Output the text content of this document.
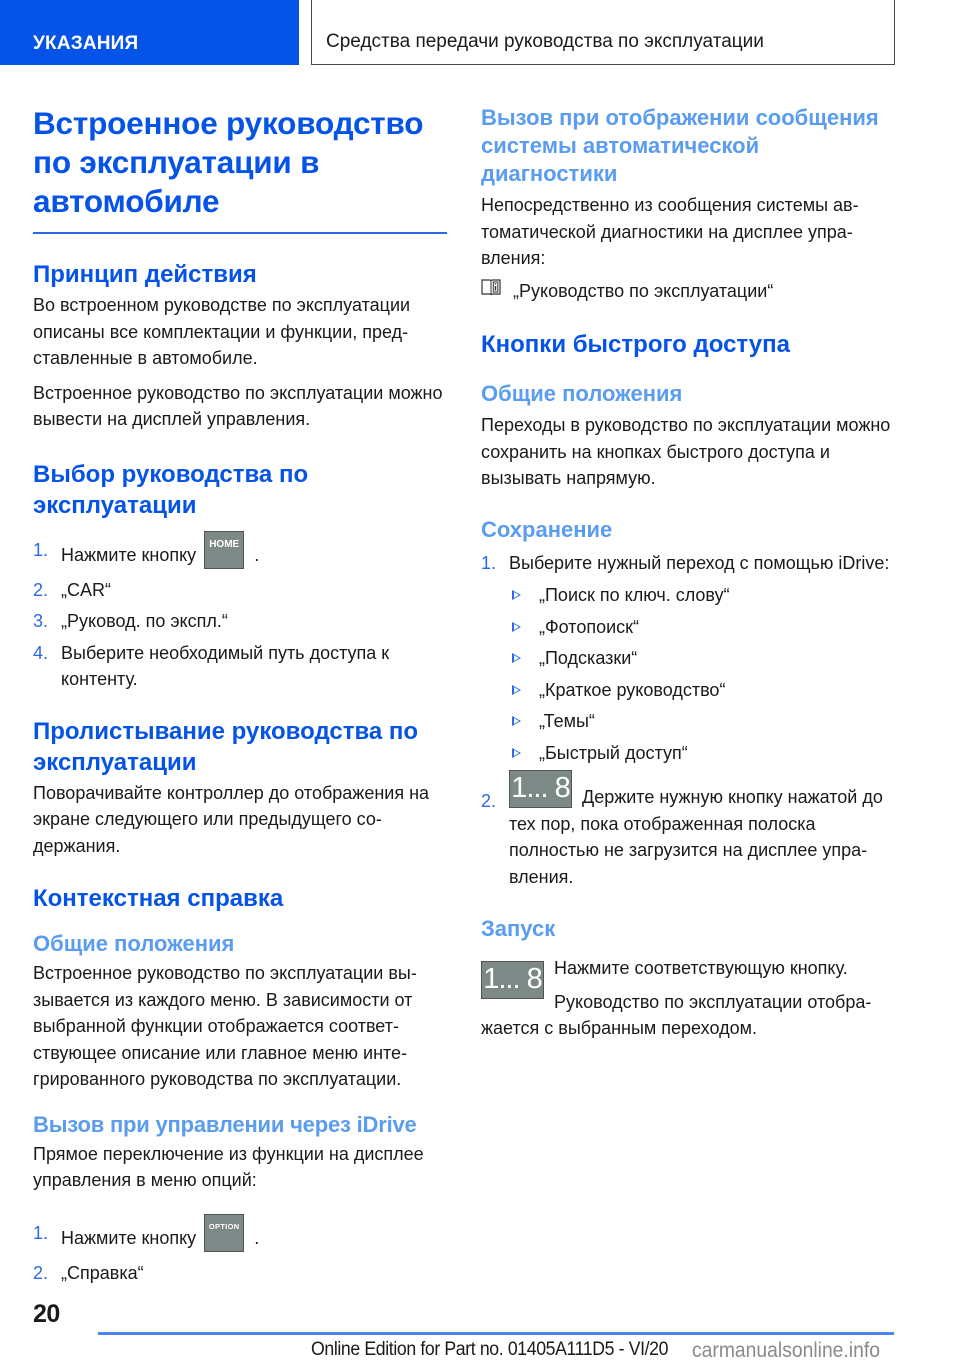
УКАЗАНИЯ	Средства передачи руководства по эксплуатации
Встроенное руководство по эксплуатации в автомобиле
Принцип действия

Во встроенном руководстве по эксплуатации описаны все комплектации и функции, пред-ставленные в автомобиле.

Встроенное руководство по эксплуатации можно вывести на дисплей управления.

Выбор руководства по эксплуатации
1. Нажмите кнопкуHOME.
2. „CAR“
3. „Руковод. по экспл.“
4. Выберите необходимый путь доступа к контенту.
Пролистывание руководства по эксплуатации

Поворачивайте контроллер до отображения на экране следующего или предыдущего со-держания.

Контекстная справка
Общие положения

Встроенное руководство по эксплуатации вы-зывается из каждого меню. В зависимости от выбранной функции отображается соответ-ствующее описание или главное меню инте-грированного руководства по эксплуатации.

Вызов при управлении через iDrive

Прямое переключение из функции на дисплее управления в меню опций:

1. Нажмите кнопкуOPTION.
2. „Справка“
Вызов при отображении сообщения системы автоматической диагностики

Непосредственно из сообщения системы ав-томатической диагностики на дисплее упра-вления:

„Руководство по эксплуатации“

Кнопки быстрого доступа
Общие положения

Переходы в руководство по эксплуатации можно сохранить на кнопках быстрого доступа и вызывать напрямую.

Сохранение
1. Выберите нужный переход с помощью iDrive:
„Поиск по ключ. слову“
„Фотопоиск“
„Подсказки“
„Краткое руководство“
„Темы“
„Быстрый доступ“
2. 1... 8 Держите нужную кнопку нажатой до тех пор, пока отображенная полоска полностью не загрузится на дисплее упра-вления.
Запуск
1... 8 Нажмите соответствующую кнопку.

Руководство по эксплуатации отобра-жается с выбранным переходом.

20
Online Edition for Part no. 01405A111D5 - VI/20 carmanualsonline.info
